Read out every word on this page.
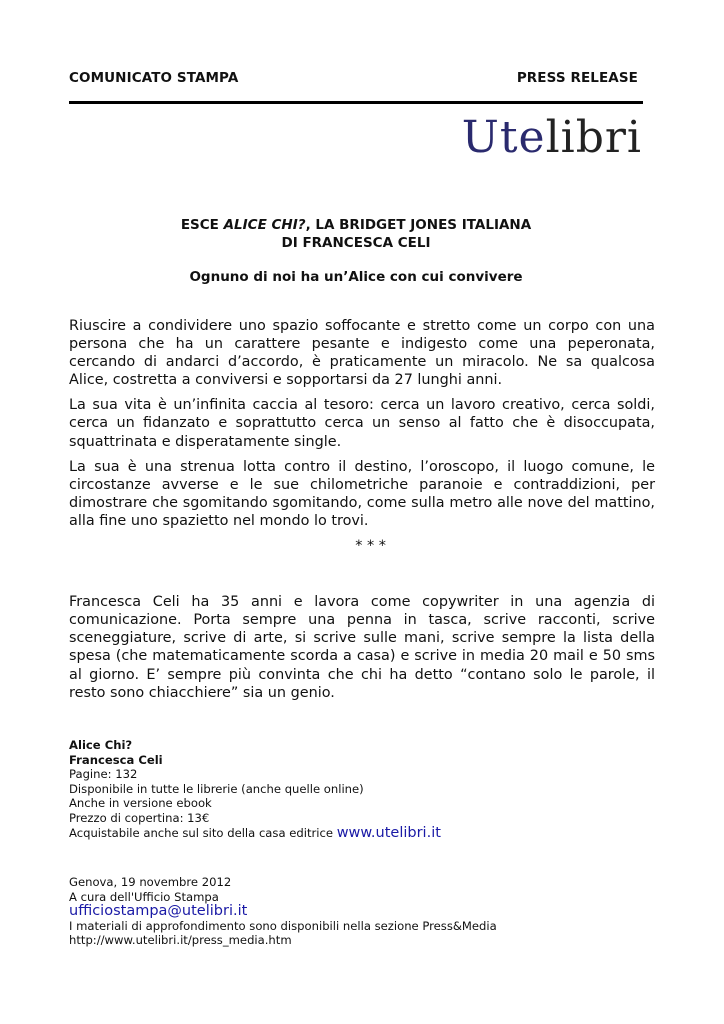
COMUNICATO STAMPA	PRESS RELEASE
Utelibri
ESCE ALICE CHI?, LA BRIDGET JONES ITALIANA
DI FRANCESCA CELI
Ognuno di noi ha un’Alice con cui convivere

Riuscire a condividere uno spazio soffocante e stretto come un corpo con una persona che ha un carattere pesante e indigesto come una peperonata, cercando di andarci d’accordo, è praticamente un miracolo. Ne sa qualcosa Alice, costretta a conviversi e sopportarsi da 27 lunghi anni.

La sua vita è un’infinita caccia al tesoro: cerca un lavoro creativo, cerca soldi, cerca un fidanzato e soprattutto cerca un senso al fatto che è disoccupata, squattrinata e disperatamente single.

La sua è una strenua lotta contro il destino, l’oroscopo, il luogo comune, le circostanze avverse e le sue chilometriche paranoie e contraddizioni, per dimostrare che sgomitando sgomitando, come sulla metro alle nove del mattino, alla fine uno spazietto nel mondo lo trovi.

* * *

Francesca Celi ha 35 anni e lavora come copywriter in una agenzia di comunicazione. Porta sempre una penna in tasca, scrive racconti, scrive sceneggiature, scrive di arte, si scrive sulle mani, scrive sempre la lista della spesa (che matematicamente scorda a casa) e scrive in media 20 mail e 50 sms al giorno. E’ sempre più convinta che chi ha detto “contano solo le parole, il resto sono chiacchiere” sia un genio.

Alice Chi?
Francesca Celi
Pagine: 132
Disponibile in tutte le librerie (anche quelle online)
Anche in versione ebook
Prezzo di copertina: 13€
Acquistabile anche sul sito della casa editrice www.utelibri.it
Genova, 19 novembre 2012
A cura dell'Ufficio Stampa
ufficiostampa@utelibri.it
I materiali di approfondimento sono disponibili nella sezione Press&Media
http://www.utelibri.it/press_media.htm
